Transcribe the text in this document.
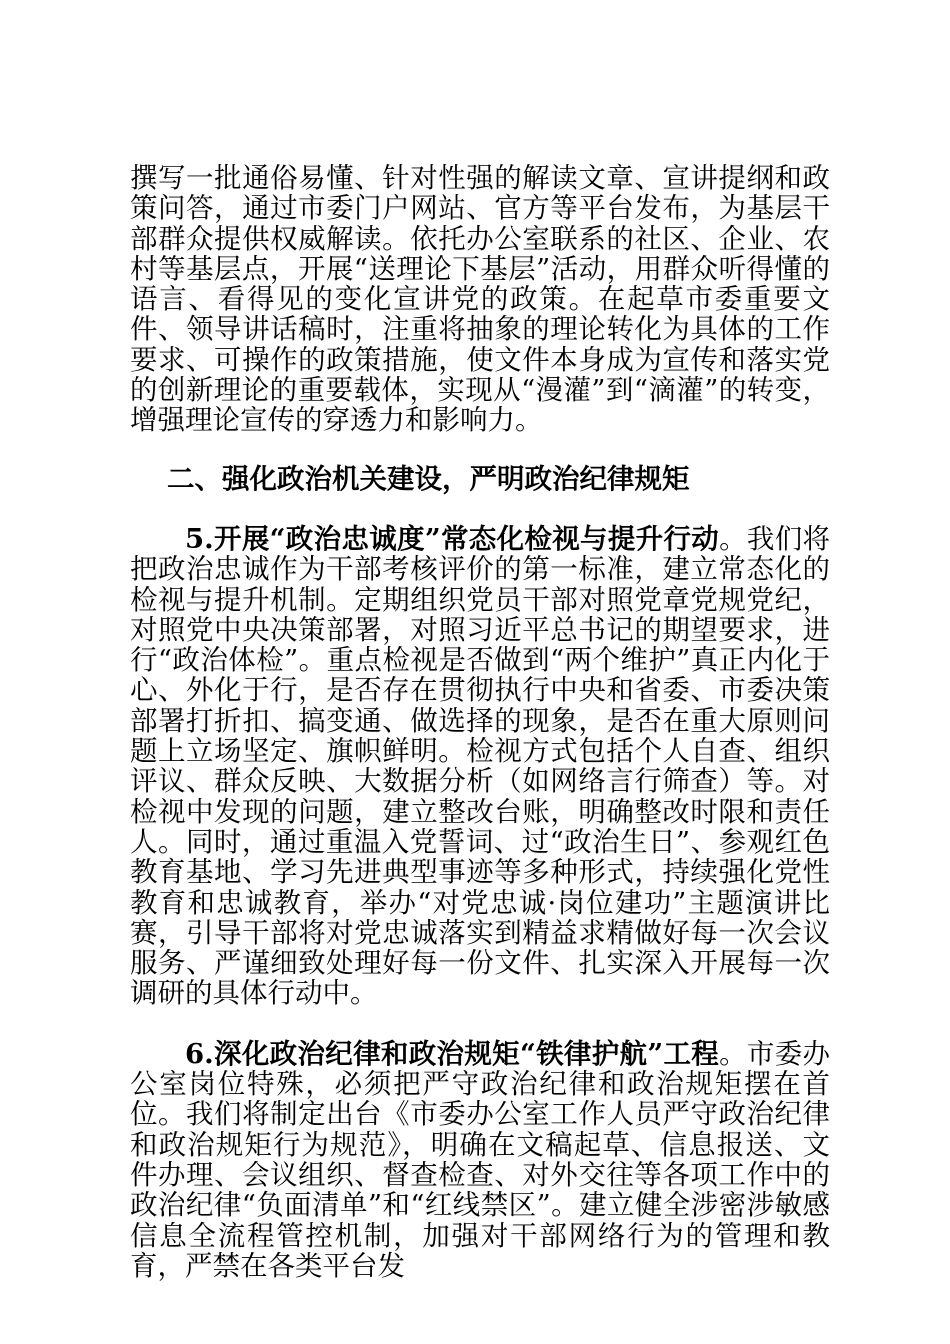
撰写一批通俗易懂、针对性强的解读文章、宣讲提纲和政策问答，通过市委门户网站、官方等平台发布，为基层干部群众提供权威解读。依托办公室联系的社区、企业、农村等基层点，开展“送理论下基层”活动，用群众听得懂的语言、看得见的变化宣讲党的政策。在起草市委重要文件、领导讲话稿时，注重将抽象的理论转化为具体的工作要求、可操作的政策措施，使文件本身成为宣传和落实党的创新理论的重要载体，实现从“漫灌”到“滴灌”的转变，增强理论宣传的穿透力和影响力。

二、强化政治机关建设，严明政治纪律规矩

5.开展“政治忠诚度”常态化检视与提升行动。我们将把政治忠诚作为干部考核评价的第一标准，建立常态化的检视与提升机制。定期组织党员干部对照党章党规党纪，对照党中央决策部署，对照习近平总书记的期望要求，进行“政治体检”。重点检视是否做到“两个维护”真正内化于心、外化于行，是否存在贯彻执行中央和省委、市委决策部署打折扣、搞变通、做选择的现象，是否在重大原则问题上立场坚定、旗帜鲜明。检视方式包括个人自查、组织评议、群众反映、大数据分析（如网络言行筛查）等。对检视中发现的问题，建立整改台账，明确整改时限和责任人。同时，通过重温入党誓词、过“政治生日”、参观红色教育基地、学习先进典型事迹等多种形式，持续强化党性教育和忠诚教育，举办“对党忠诚·岗位建功”主题演讲比赛，引导干部将对党忠诚落实到精益求精做好每一次会议服务、严谨细致处理好每一份文件、扎实深入开展每一次调研的具体行动中。

6.深化政治纪律和政治规矩“铁律护航”工程。市委办公室岗位特殊，必须把严守政治纪律和政治规矩摆在首位。我们将制定出台《市委办公室工作人员严守政治纪律和政治规矩行为规范》，明确在文稿起草、信息报送、文件办理、会议组织、督查检查、对外交往等各项工作中的政治纪律“负面清单”和“红线禁区”。建立健全涉密涉敏感信息全流程管控机制，加强对干部网络行为的管理和教育，严禁在各类平台发
